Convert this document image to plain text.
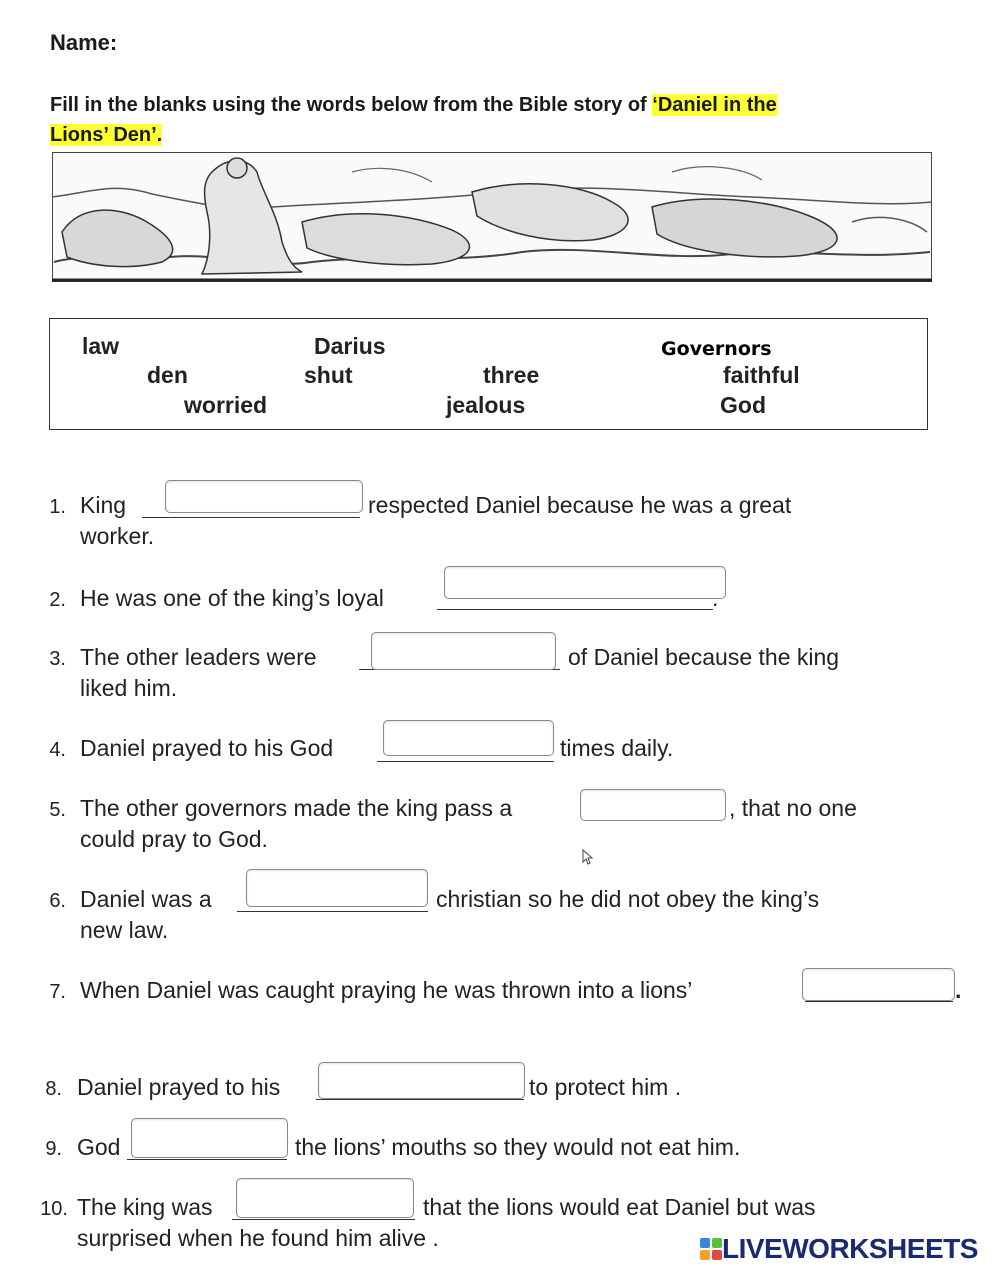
Name:
Fill in the blanks using the words below from the Bible story of ‘Daniel in the
Lions’ Den’.
law	Darius	Governors
den	shut	three	faithful
worried	jealous	God
1. King	respected Daniel because he was a great
worker.
2. He was one of the king’s loyal	.
3. The other leaders were	of Daniel because the king
liked him.
4. Daniel prayed to his God	times daily.
5. The other governors made the king pass a	, that no one
could pray to God.
6. Daniel was a	christian so he did not obey the king’s
new law.
7. When Daniel was caught praying he was thrown into a lions’	.
8. Daniel prayed to his	to protect him .
9. God	the lions’ mouths so they would not eat him.
10. The king was	that the lions would eat Daniel but was
surprised when he found him alive .	LIVEWORKSHEETS
